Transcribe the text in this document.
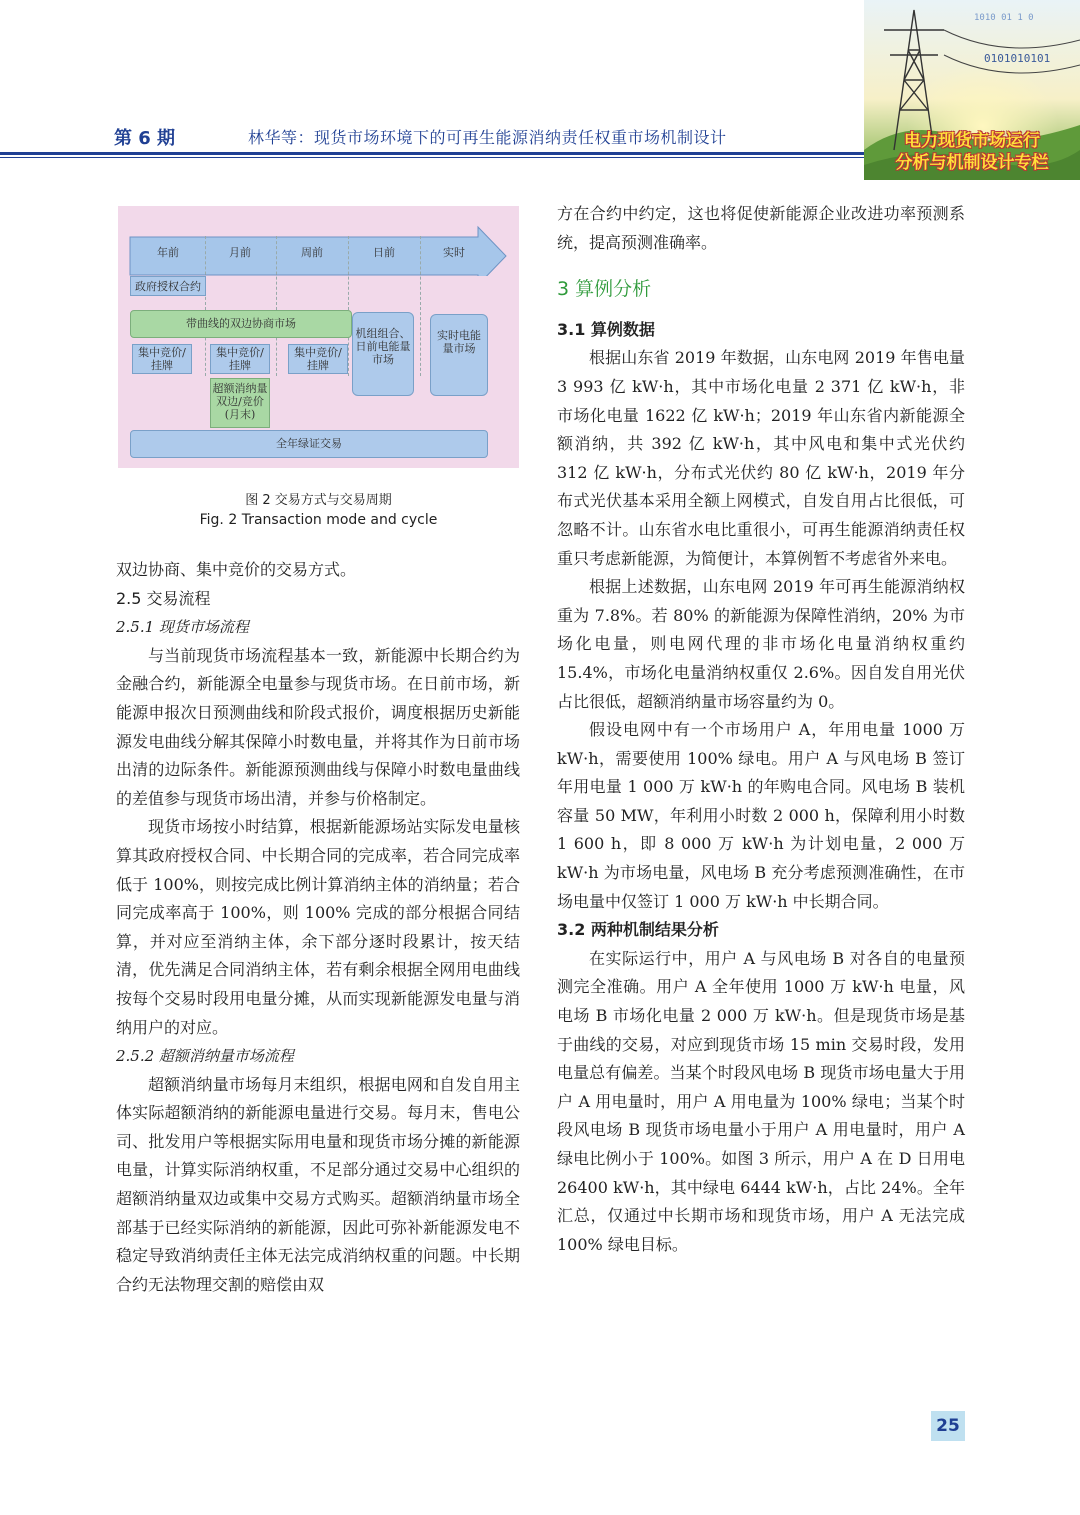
第 6 期	林华等：现货市场环境下的可再生能源消纳责任权重市场机制设计
0101010101
1010 01 1 0
电力现货市场运行
分析与机制设计专栏
年前	月前	周前	日前	实时
政府授权合约
带曲线的双边协商市场
集中竞价/挂牌
集中竞价/挂牌
集中竞价/挂牌
机组组合、日前电能量市场
实时电能量市场
超额消纳量双边/竞价(月末)
全年绿证交易
图 2 交易方式与交易周期
Fig. 2 Transaction mode and cycle

双边协商、集中竞价的交易方式。

2.5 交易流程

2.5.1 现货市场流程

与当前现货市场流程基本一致，新能源中长期合约为金融合约，新能源全电量参与现货市场。在日前市场，新能源申报次日预测曲线和阶段式报价，调度根据历史新能源发电曲线分解其保障小时数电量，并将其作为日前市场出清的边际条件。新能源预测曲线与保障小时数电量曲线的差值参与现货市场出清，并参与价格制定。

现货市场按小时结算，根据新能源场站实际发电量核算其政府授权合同、中长期合同的完成率，若合同完成率低于 100%，则按完成比例计算消纳主体的消纳量；若合同完成率高于 100%，则 100% 完成的部分根据合同结算，并对应至消纳主体，余下部分逐时段累计，按天结清，优先满足合同消纳主体，若有剩余根据全网用电曲线按每个交易时段用电量分摊，从而实现新能源发电量与消纳用户的对应。

2.5.2 超额消纳量市场流程

超额消纳量市场每月末组织，根据电网和自发自用主体实际超额消纳的新能源电量进行交易。每月末，售电公司、批发用户等根据实际用电量和现货市场分摊的新能源电量，计算实际消纳权重，不足部分通过交易中心组织的超额消纳量双边或集中交易方式购买。超额消纳量市场全部基于已经实际消纳的新能源，因此可弥补新能源发电不稳定导致消纳责任主体无法完成消纳权重的问题。中长期合约无法物理交割的赔偿由双

方在合约中约定，这也将促使新能源企业改进功率预测系统，提高预测准确率。

3 算例分析

3.1 算例数据

根据山东省 2019 年数据，山东电网 2019 年售电量 3 993 亿 kW·h，其中市场化电量 2 371 亿 kW·h，非市场化电量 1622 亿 kW·h；2019 年山东省内新能源全额消纳，共 392 亿 kW·h，其中风电和集中式光伏约 312 亿 kW·h，分布式光伏约 80 亿 kW·h，2019 年分布式光伏基本采用全额上网模式，自发自用占比很低，可忽略不计。山东省水电比重很小，可再生能源消纳责任权重只考虑新能源，为简便计，本算例暂不考虑省外来电。

根据上述数据，山东电网 2019 年可再生能源消纳权重为 7.8%。若 80% 的新能源为保障性消纳，20% 为市场化电量，则电网代理的非市场化电量消纳权重约 15.4%，市场化电量消纳权重仅 2.6%。因自发自用光伏占比很低，超额消纳量市场容量约为 0。

假设电网中有一个市场用户 A，年用电量 1000 万 kW·h，需要使用 100% 绿电。用户 A 与风电场 B 签订年用电量 1 000 万 kW·h 的年购电合同。风电场 B 装机容量 50 MW，年利用小时数 2 000 h，保障利用小时数 1 600 h，即 8 000 万 kW·h 为计划电量，2 000 万 kW·h 为市场电量，风电场 B 充分考虑预测准确性，在市场电量中仅签订 1 000 万 kW·h 中长期合同。

3.2 两种机制结果分析

在实际运行中，用户 A 与风电场 B 对各自的电量预测完全准确。用户 A 全年使用 1000 万 kW·h 电量，风电场 B 市场化电量 2 000 万 kW·h。但是现货市场是基于曲线的交易，对应到现货市场 15 min 交易时段，发用电量总有偏差。当某个时段风电场 B 现货市场电量大于用户 A 用电量时，用户 A 用电量为 100% 绿电；当某个时段风电场 B 现货市场电量小于用户 A 用电量时，用户 A 绿电比例小于 100%。如图 3 所示，用户 A 在 D 日用电 26400 kW·h，其中绿电 6444 kW·h，占比 24%。全年汇总，仅通过中长期市场和现货市场，用户 A 无法完成 100% 绿电目标。

25
